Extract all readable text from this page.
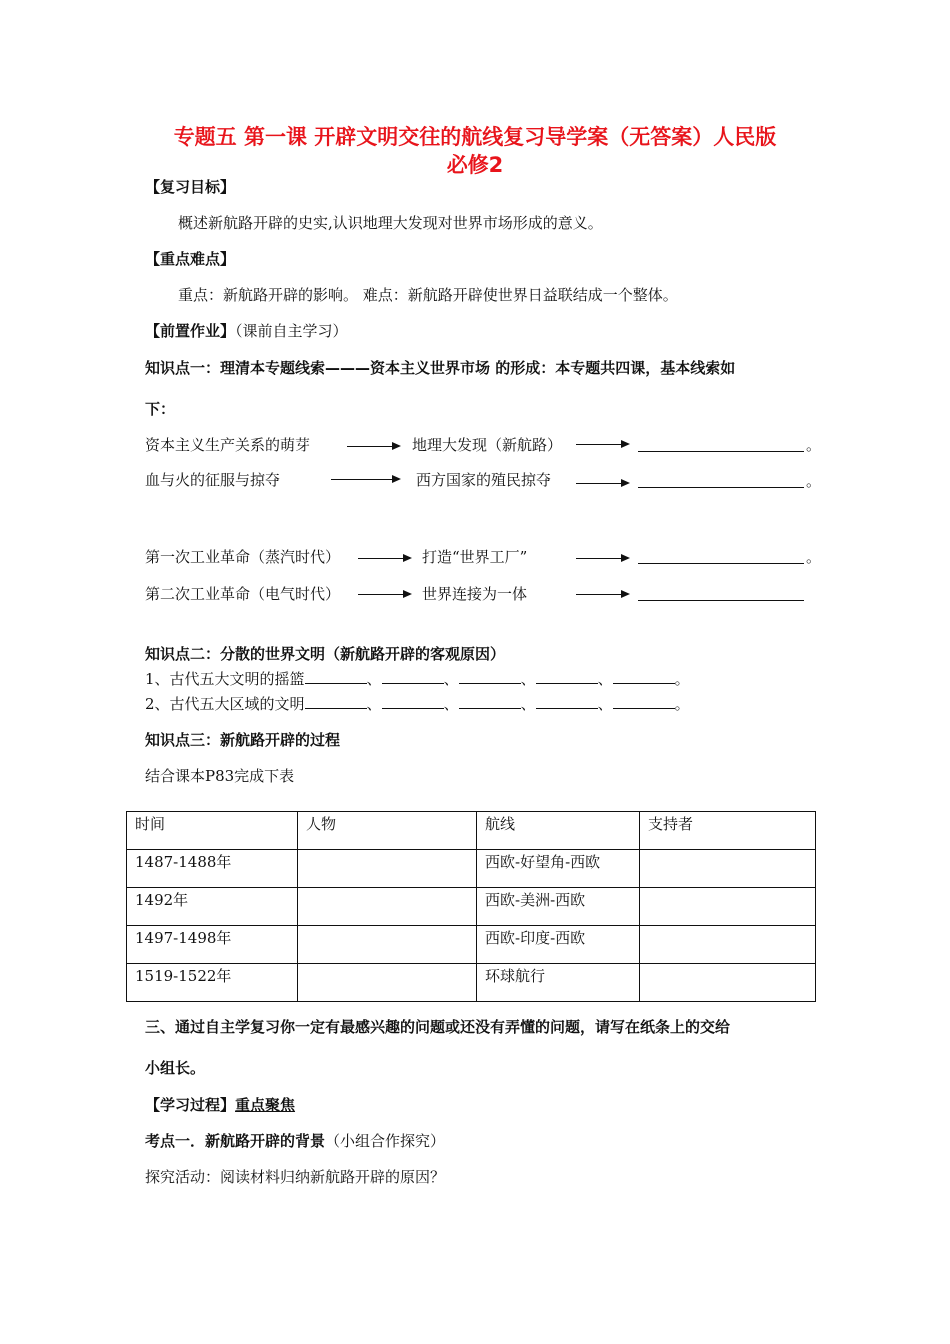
专题五 第一课 开辟文明交往的航线复习导学案（无答案）人民版
必修2
【复习目标】
概述新航路开辟的史实,认识地理大发现对世界市场形成的意义。
【重点难点】
重点：新航路开辟的影响。 难点：新航路开辟使世界日益联结成一个整体。
【前置作业】（课前自主学习）
知识点一：理清本专题线索———资本主义世界市场 的形成：本专题共四课，基本线索如
下：
资本主义生产关系的萌芽	地理大发现（新航路）	。
血与火的征服与掠夺	西方国家的殖民掠夺	。
第一次工业革命（蒸汽时代）	打造“世界工厂”	。
第二次工业革命（电气时代）	世界连接为一体
知识点二：分散的世界文明（新航路开辟的客观原因）
1、古代五大文明的摇篮	、	、	、	、	。
2、古代五大区域的文明	、	、	、	、	。
知识点三：新航路开辟的过程
结合课本P83完成下表
时间	人物	航线	支持者
1487-1488年		西欧-好望角-西欧	
1492年		西欧-美洲-西欧	
1497-1498年		西欧-印度-西欧	
1519-1522年		环球航行	
三、通过自主学复习你一定有最感兴趣的问题或还没有弄懂的问题，请写在纸条上的交给
小组长。
【学习过程】重点聚焦
考点一．新航路开辟的背景（小组合作探究）
探究活动：阅读材料归纳新航路开辟的原因？
